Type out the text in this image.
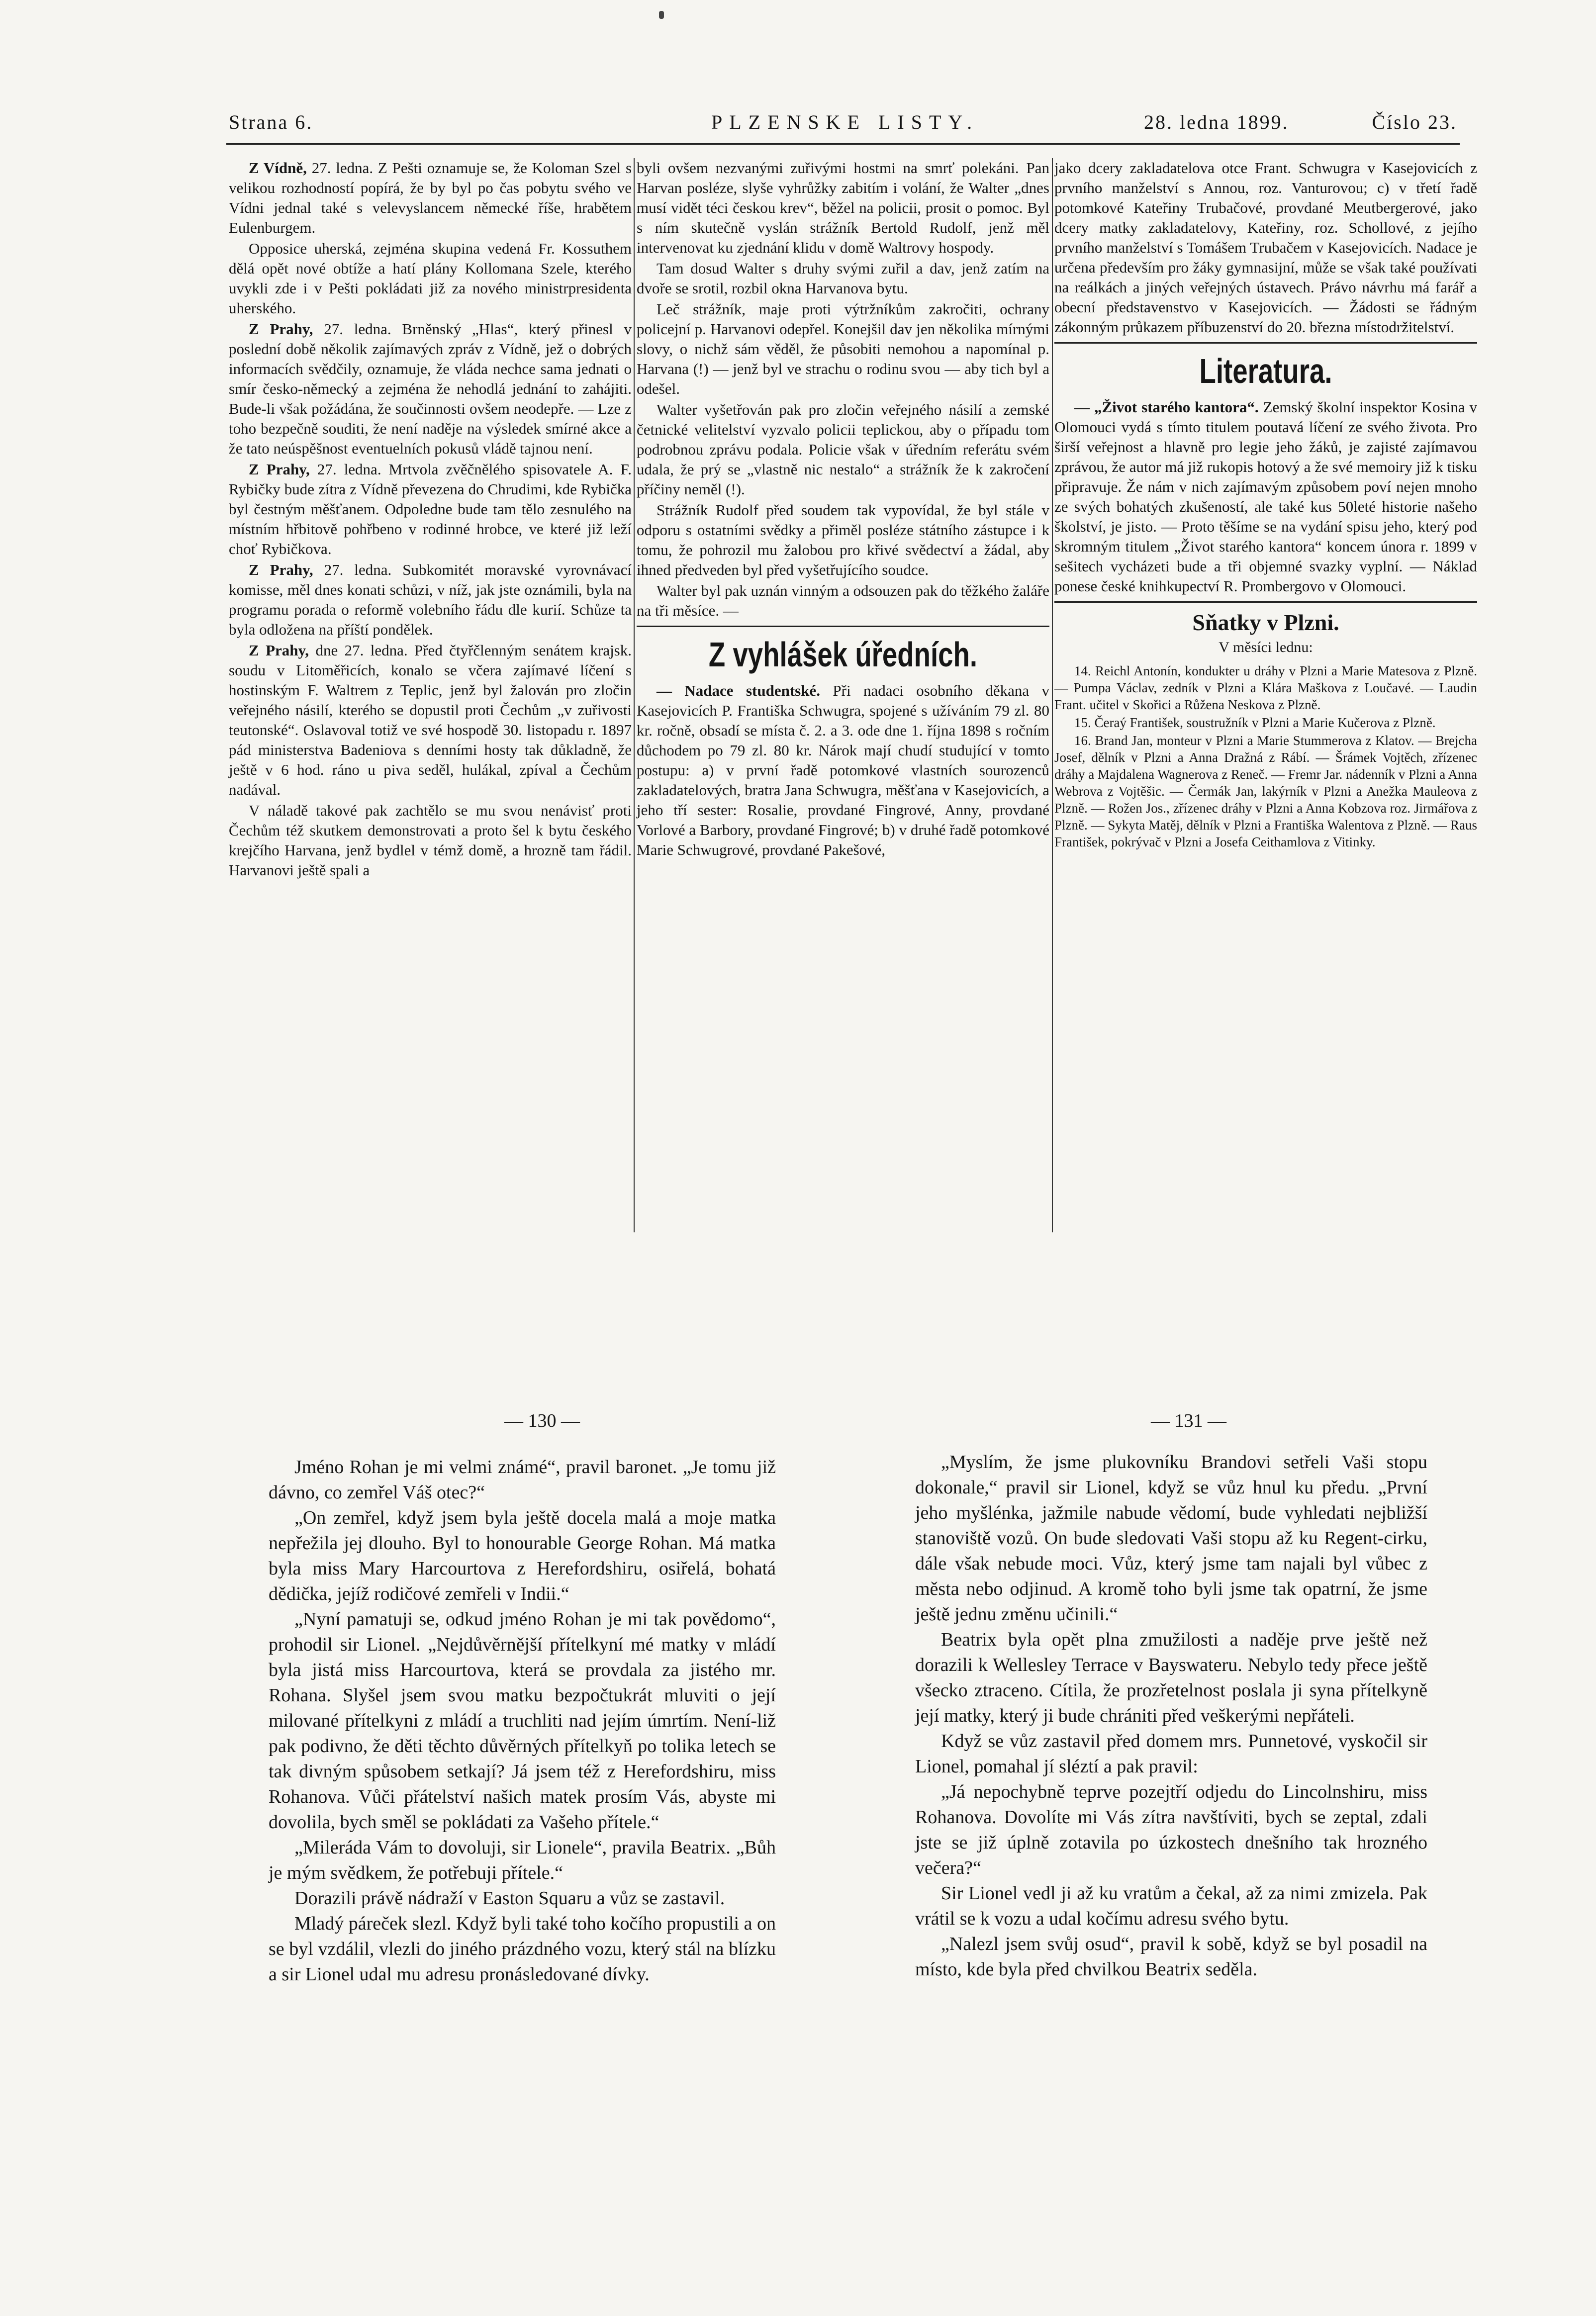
Strana 6.	PLZENSKE LISTY.	28. ledna 1899.	Číslo 23.

Z Vídně, 27. ledna. Z Pešti oznamuje se, že Koloman Szel s velikou rozhodností popírá, že by byl po čas pobytu svého ve Vídni jednal také s velevyslancem německé říše, hrabětem Eulenburgem.

Opposice uherská, zejména skupina vedená Fr. Kossuthem dělá opět nové obtíže a hatí plány Kollomana Szele, kterého uvykli zde i v Pešti pokládati již za nového ministrpresidenta uherského.

Z Prahy, 27. ledna. Brněnský „Hlas“, který přinesl v poslední době několik zajímavých zpráv z Vídně, jež o dobrých informacích svědčily, oznamuje, že vláda nechce sama jednati o smír česko-německý a zejména že nehodlá jednání to zahájiti. Bude-li však požádána, že součinnosti ovšem neodepře. — Lze z toho bezpečně souditi, že není naděje na výsledek smírné akce a že tato neúspěšnost eventuelních pokusů vládě tajnou není.

Z Prahy, 27. ledna. Mrtvola zvěčnělého spisovatele A. F. Rybičky bude zítra z Vídně převezena do Chrudimi, kde Rybička byl čestným měšťanem. Odpoledne bude tam tělo zesnulého na místním hřbitově pohřbeno v rodinné hrobce, ve které již leží choť Rybičkova.

Z Prahy, 27. ledna. Subkomitét moravské vyrovnávací komisse, měl dnes konati schůzi, v níž, jak jste oznámili, byla na programu porada o reformě volebního řádu dle kurií. Schůze ta byla odložena na příští pondělek.

Z Prahy, dne 27. ledna. Před čtyřčlenným senátem krajsk. soudu v Litoměřicích, konalo se včera zajímavé líčení s hostinským F. Waltrem z Teplic, jenž byl žalován pro zločin veřejného násilí, kterého se dopustil proti Čechům „v zuřivosti teutonské“. Oslavoval totiž ve své hospodě 30. listopadu r. 1897 pád ministerstva Badeniova s denními hosty tak důkladně, že ještě v 6 hod. ráno u piva seděl, hulákal, zpíval a Čechům nadával.

V náladě takové pak zachtělo se mu svou nenávisť proti Čechům též skutkem demonstrovati a proto šel k bytu českého krejčího Harvana, jenž bydlel v témž domě, a hrozně tam řádil. Harvanovi ještě spali a

byli ovšem nezvanými zuřivými hostmi na smrť polekáni. Pan Harvan posléze, slyše vyhrůžky zabitím i volání, že Walter „dnes musí vidět téci českou krev“, běžel na policii, prosit o pomoc. Byl s ním skutečně vyslán strážník Bertold Rudolf, jenž měl intervenovat ku zjednání klidu v domě Waltrovy hospody.

Tam dosud Walter s druhy svými zuřil a dav, jenž zatím na dvoře se srotil, rozbil okna Harvanova bytu.

Leč strážník, maje proti výtržníkům zakročiti, ochrany policejní p. Harvanovi odepřel. Konejšil dav jen několika mírnými slovy, o nichž sám věděl, že působiti nemohou a napomínal p. Harvana (!) — jenž byl ve strachu o rodinu svou — aby tich byl a odešel.

Walter vyšetřován pak pro zločin veřejného násilí a zemské četnické velitelství vyzvalo policii teplickou, aby o případu tom podrobnou zprávu podala. Policie však v úředním referátu svém udala, že prý se „vlastně nic nestalo“ a strážník že k zakročení příčiny neměl (!).

Strážník Rudolf před soudem tak vypovídal, že byl stále v odporu s ostatními svědky a přiměl posléze státního zástupce i k tomu, že pohrozil mu žalobou pro křivé svědectví a žádal, aby ihned předveden byl před vyšetřujícího soudce.

Walter byl pak uznán vinným a odsouzen pak do těžkého žaláře na tři měsíce. —

Z vyhlášek úředních.

— Nadace studentské. Při nadaci osobního děkana v Kasejovicích P. Františka Schwugra, spojené s užíváním 79 zl. 80 kr. ročně, obsadí se místa č. 2. a 3. ode dne 1. října 1898 s ročním důchodem po 79 zl. 80 kr. Nárok mají chudí studující v tomto postupu: a) v první řadě potomkové vlastních sourozenců zakladatelových, bratra Jana Schwugra, měšťana v Kasejovicích, a jeho tří sester: Rosalie, provdané Fingrové, Anny, provdané Vorlové a Barbory, provdané Fingrové; b) v druhé řadě potomkové Marie Schwugrové, provdané Pakešové,

jako dcery zakladatelova otce Frant. Schwugra v Kasejovicích z prvního manželství s Annou, roz. Vanturovou; c) v třetí řadě potomkové Kateřiny Trubačové, provdané Meutbergerové, jako dcery matky zakladatelovy, Kateřiny, roz. Schollové, z jejího prvního manželství s Tomášem Trubačem v Kasejovicích. Nadace je určena především pro žáky gymnasijní, může se však také používati na reálkách a jiných veřejných ústavech. Právo návrhu má farář a obecní představenstvo v Kasejovicích. — Žádosti se řádným zákonným průkazem příbuzenství do 20. března místodržitelství.

Literatura.

— „Život starého kantora“. Zemský školní inspektor Kosina v Olomouci vydá s tímto titulem poutavá líčení ze svého života. Pro širší veřejnost a hlavně pro legie jeho žáků, je zajisté zajímavou zprávou, že autor má již rukopis hotový a že své memoiry již k tisku připravuje. Že nám v nich zajímavým způsobem poví nejen mnoho ze svých bohatých zkušeností, ale také kus 50leté historie našeho školství, je jisto. — Proto těšíme se na vydání spisu jeho, který pod skromným titulem „Život starého kantora“ koncem února r. 1899 v sešitech vycházeti bude a tři objemné svazky vyplní. — Náklad ponese české knihkupectví R. Prombergovo v Olomouci.

Sňatky v Plzni.
V měsíci lednu:

14. Reichl Antonín, kondukter u dráhy v Plzni a Marie Matesova z Plzně. — Pumpa Václav, zedník v Plzni a Klára Maškova z Loučavé. — Laudin Frant. učitel v Skořici a Růžena Neskova z Plzně.

15. Čeraý František, soustružník v Plzni a Marie Kučerova z Plzně.

16. Brand Jan, monteur v Plzni a Marie Stummerova z Klatov. — Brejcha Josef, dělník v Plzni a Anna Dražná z Rábí. — Šrámek Vojtěch, zřízenec dráhy a Majdalena Wagnerova z Reneč. — Fremr Jar. nádenník v Plzni a Anna Webrova z Vojtěšic. — Čermák Jan, lakýrník v Plzni a Anežka Mauleova z Plzně. — Rožen Jos., zřízenec dráhy v Plzni a Anna Kobzova roz. Jirmářova z Plzně. — Sykyta Matěj, dělník v Plzni a Františka Walentova z Plzně. — Raus František, pokrývač v Plzni a Josefa Ceithamlova z Vitinky.

— 130 —	— 131 —

Jméno Rohan je mi velmi známé“, pravil baronet. „Je tomu již dávno, co zemřel Váš otec?“

„On zemřel, když jsem byla ještě docela malá a moje matka nepřežila jej dlouho. Byl to honourable George Rohan. Má matka byla miss Mary Harcourtova z Herefordshiru, osiřelá, bohatá dědička, jejíž rodičové zemřeli v Indii.“

„Nyní pamatuji se, odkud jméno Rohan je mi tak povědomo“, prohodil sir Lionel. „Nejdůvěrnější přítelkyní mé matky v mládí byla jistá miss Harcourtova, která se provdala za jistého mr. Rohana. Slyšel jsem svou matku bezpočtukrát mluviti o její milované přítelkyni z mládí a truchliti nad jejím úmrtím. Není-liž pak podivno, že děti těchto důvěrných přítelkyň po tolika letech se tak divným spůsobem setkají? Já jsem též z Herefordshiru, miss Rohanova. Vůči přátelství našich matek prosím Vás, abyste mi dovolila, bych směl se pokládati za Vašeho přítele.“

„Mileráda Vám to dovoluji, sir Lionele“, pravila Beatrix. „Bůh je mým svědkem, že potřebuji přítele.“

Dorazili právě nádraží v Easton Squaru a vůz se zastavil.

Mladý páreček slezl. Když byli také toho kočího propustili a on se byl vzdálil, vlezli do jiného prázdného vozu, který stál na blízku a sir Lionel udal mu adresu pronásledované dívky.

„Myslím, že jsme plukovníku Brandovi setřeli Vaši stopu dokonale,“ pravil sir Lionel, když se vůz hnul ku předu. „První jeho myšlénka, jažmile nabude vědomí, bude vyhledati nejbližší stanoviště vozů. On bude sledovati Vaši stopu až ku Regent-cirku, dále však nebude moci. Vůz, který jsme tam najali byl vůbec z města nebo odjinud. A kromě toho byli jsme tak opatrní, že jsme ještě jednu změnu učinili.“

Beatrix byla opět plna zmužilosti a naděje prve ještě než dorazili k Wellesley Terrace v Bayswateru. Nebylo tedy přece ještě všecko ztraceno. Cítila, že prozřetelnost poslala ji syna přítelkyně její matky, který ji bude chrániti před veškerými nepřáteli.

Když se vůz zastavil před domem mrs. Punnetové, vyskočil sir Lionel, pomahal jí sléztí a pak pravil:

„Já nepochybně teprve pozejtří odjedu do Lincolnshiru, miss Rohanova. Dovolíte mi Vás zítra navštíviti, bych se zeptal, zdali jste se již úplně zotavila po úzkostech dnešního tak hrozného večera?“

Sir Lionel vedl ji až ku vratům a čekal, až za nimi zmizela. Pak vrátil se k vozu a udal kočímu adresu svého bytu.

„Nalezl jsem svůj osud“, pravil k sobě, když se byl posadil na místo, kde byla před chvilkou Beatrix seděla.
